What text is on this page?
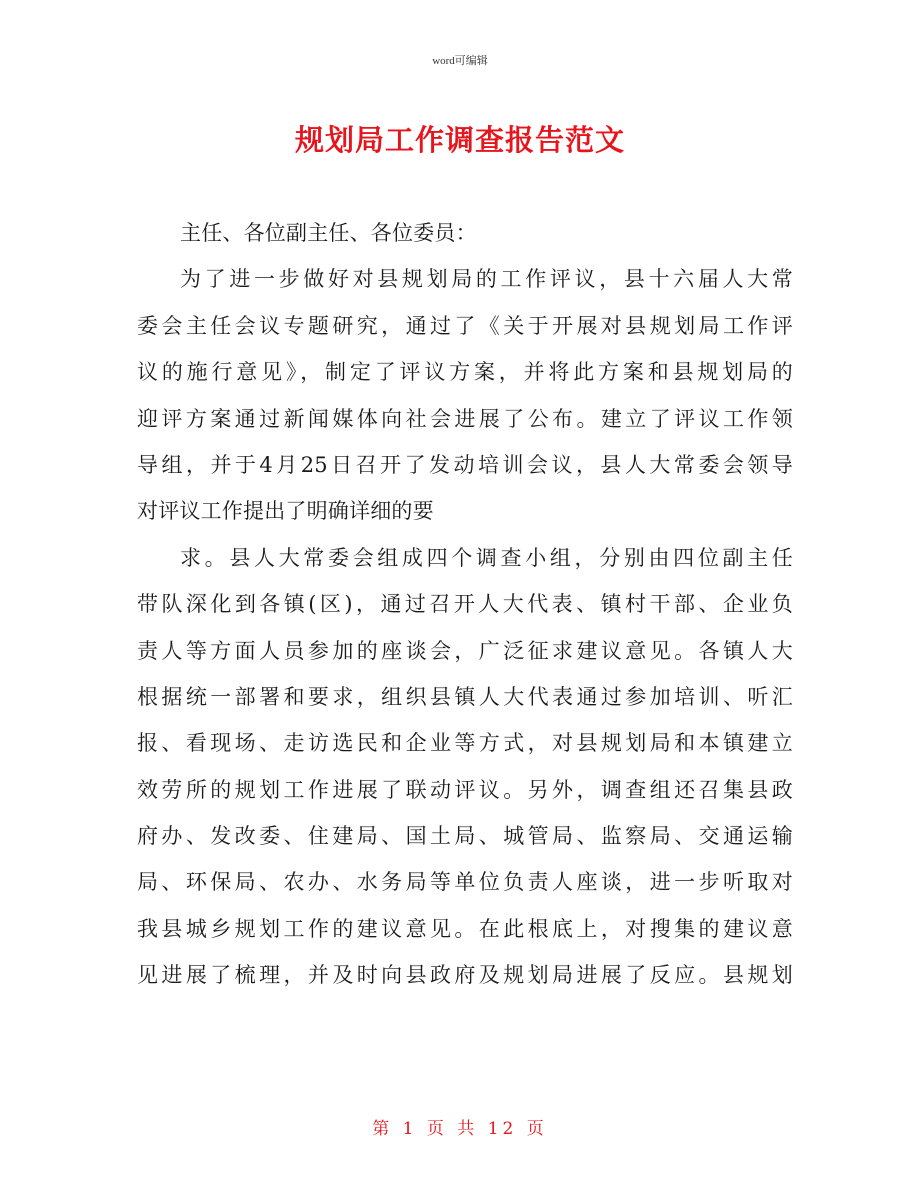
word可编辑
规划局工作调查报告范文
主任、各位副主任、各位委员：
为了进一步做好对县规划局的工作评议，县十六届人大常
委会主任会议专题研究，通过了《关于开展对县规划局工作评
议的施行意见》，制定了评议方案，并将此方案和县规划局的
迎评方案通过新闻媒体向社会进展了公布。建立了评议工作领
导组，并于4月25日召开了发动培训会议，县人大常委会领导
对评议工作提出了明确详细的要
求。县人大常委会组成四个调查小组，分别由四位副主任
带队深化到各镇(区)，通过召开人大代表、镇村干部、企业负
责人等方面人员参加的座谈会，广泛征求建议意见。各镇人大
根据统一部署和要求，组织县镇人大代表通过参加培训、听汇
报、看现场、走访选民和企业等方式，对县规划局和本镇建立
效劳所的规划工作进展了联动评议。另外，调查组还召集县政
府办、发改委、住建局、国土局、城管局、监察局、交通运输
局、环保局、农办、水务局等单位负责人座谈，进一步听取对
我县城乡规划工作的建议意见。在此根底上，对搜集的建议意
见进展了梳理，并及时向县政府及规划局进展了反应。县规划
第 1 页 共 12 页
